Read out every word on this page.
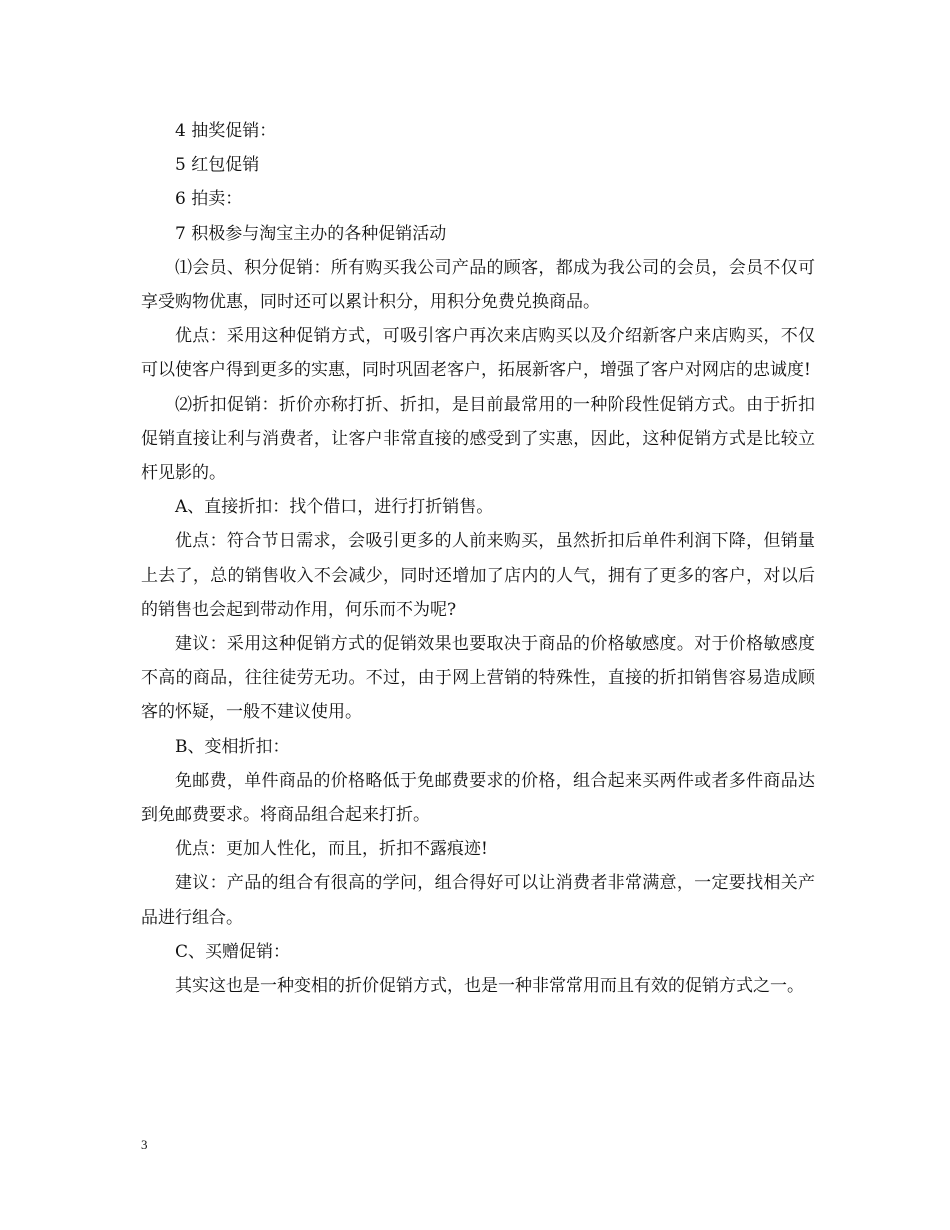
4 抽奖促销：

5 红包促销

6 拍卖：

7 积极参与淘宝主办的各种促销活动

⑴会员、积分促销：所有购买我公司产品的顾客，都成为我公司的会员，会员不仅可享受购物优惠，同时还可以累计积分，用积分免费兑换商品。

优点：采用这种促销方式，可吸引客户再次来店购买以及介绍新客户来店购买，不仅可以使客户得到更多的实惠，同时巩固老客户，拓展新客户，增强了客户对网店的忠诚度!

⑵折扣促销：折价亦称打折、折扣，是目前最常用的一种阶段性促销方式。由于折扣促销直接让利与消费者，让客户非常直接的感受到了实惠，因此，这种促销方式是比较立杆见影的。

A、直接折扣：找个借口，进行打折销售。

优点：符合节日需求，会吸引更多的人前来购买，虽然折扣后单件利润下降，但销量上去了，总的销售收入不会减少，同时还增加了店内的人气，拥有了更多的客户，对以后的销售也会起到带动作用，何乐而不为呢?

建议：采用这种促销方式的促销效果也要取决于商品的价格敏感度。对于价格敏感度不高的商品，往往徒劳无功。不过，由于网上营销的特殊性，直接的折扣销售容易造成顾客的怀疑，一般不建议使用。

B、变相折扣：

免邮费，单件商品的价格略低于免邮费要求的价格，组合起来买两件或者多件商品达到免邮费要求。将商品组合起来打折。

优点：更加人性化，而且，折扣不露痕迹!

建议：产品的组合有很高的学问，组合得好可以让消费者非常满意，一定要找相关产品进行组合。

C、买赠促销：

其实这也是一种变相的折价促销方式，也是一种非常常用而且有效的促销方式之一。

3
